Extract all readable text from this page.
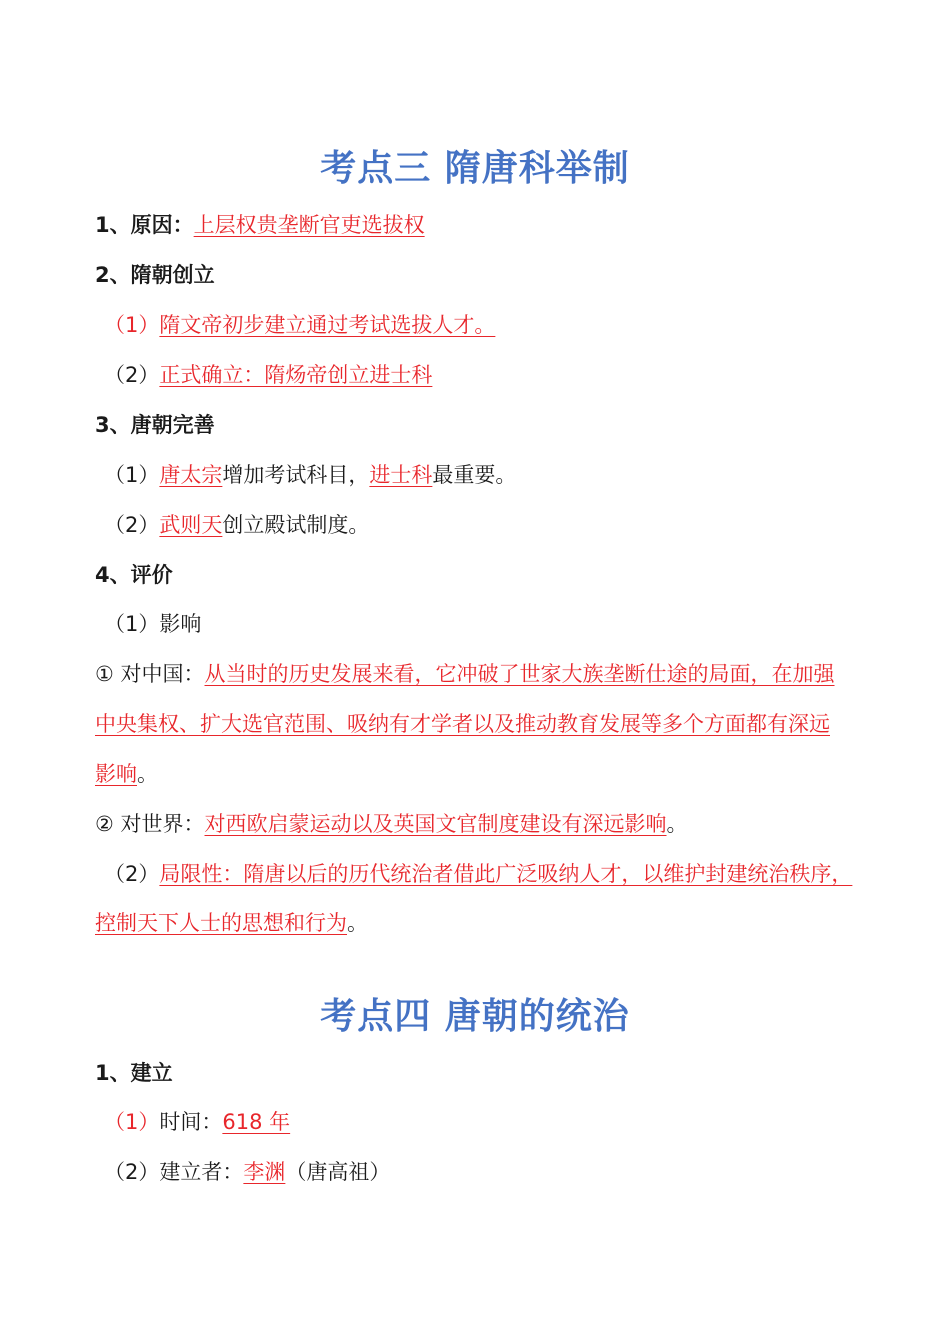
考点三 隋唐科举制
1、原因：上层权贵垄断官吏选拔权
2、隋朝创立
（1）隋文帝初步建立通过考试选拔人才。
（2）正式确立：隋炀帝创立进士科
3、唐朝完善
（1）唐太宗增加考试科目，进士科最重要。
（2）武则天创立殿试制度。
4、评价
（1）影响
① 对中国：从当时的历史发展来看，它冲破了世家大族垄断仕途的局面，在加强
中央集权、扩大选官范围、吸纳有才学者以及推动教育发展等多个方面都有深远
影响。
② 对世界：对西欧启蒙运动以及英国文官制度建设有深远影响。
（2）局限性：隋唐以后的历代统治者借此广泛吸纳人才，以维护封建统治秩序，
控制天下人士的思想和行为。
考点四 唐朝的统治
1、建立
（1）时间：618 年
（2）建立者：李渊（唐高祖）
